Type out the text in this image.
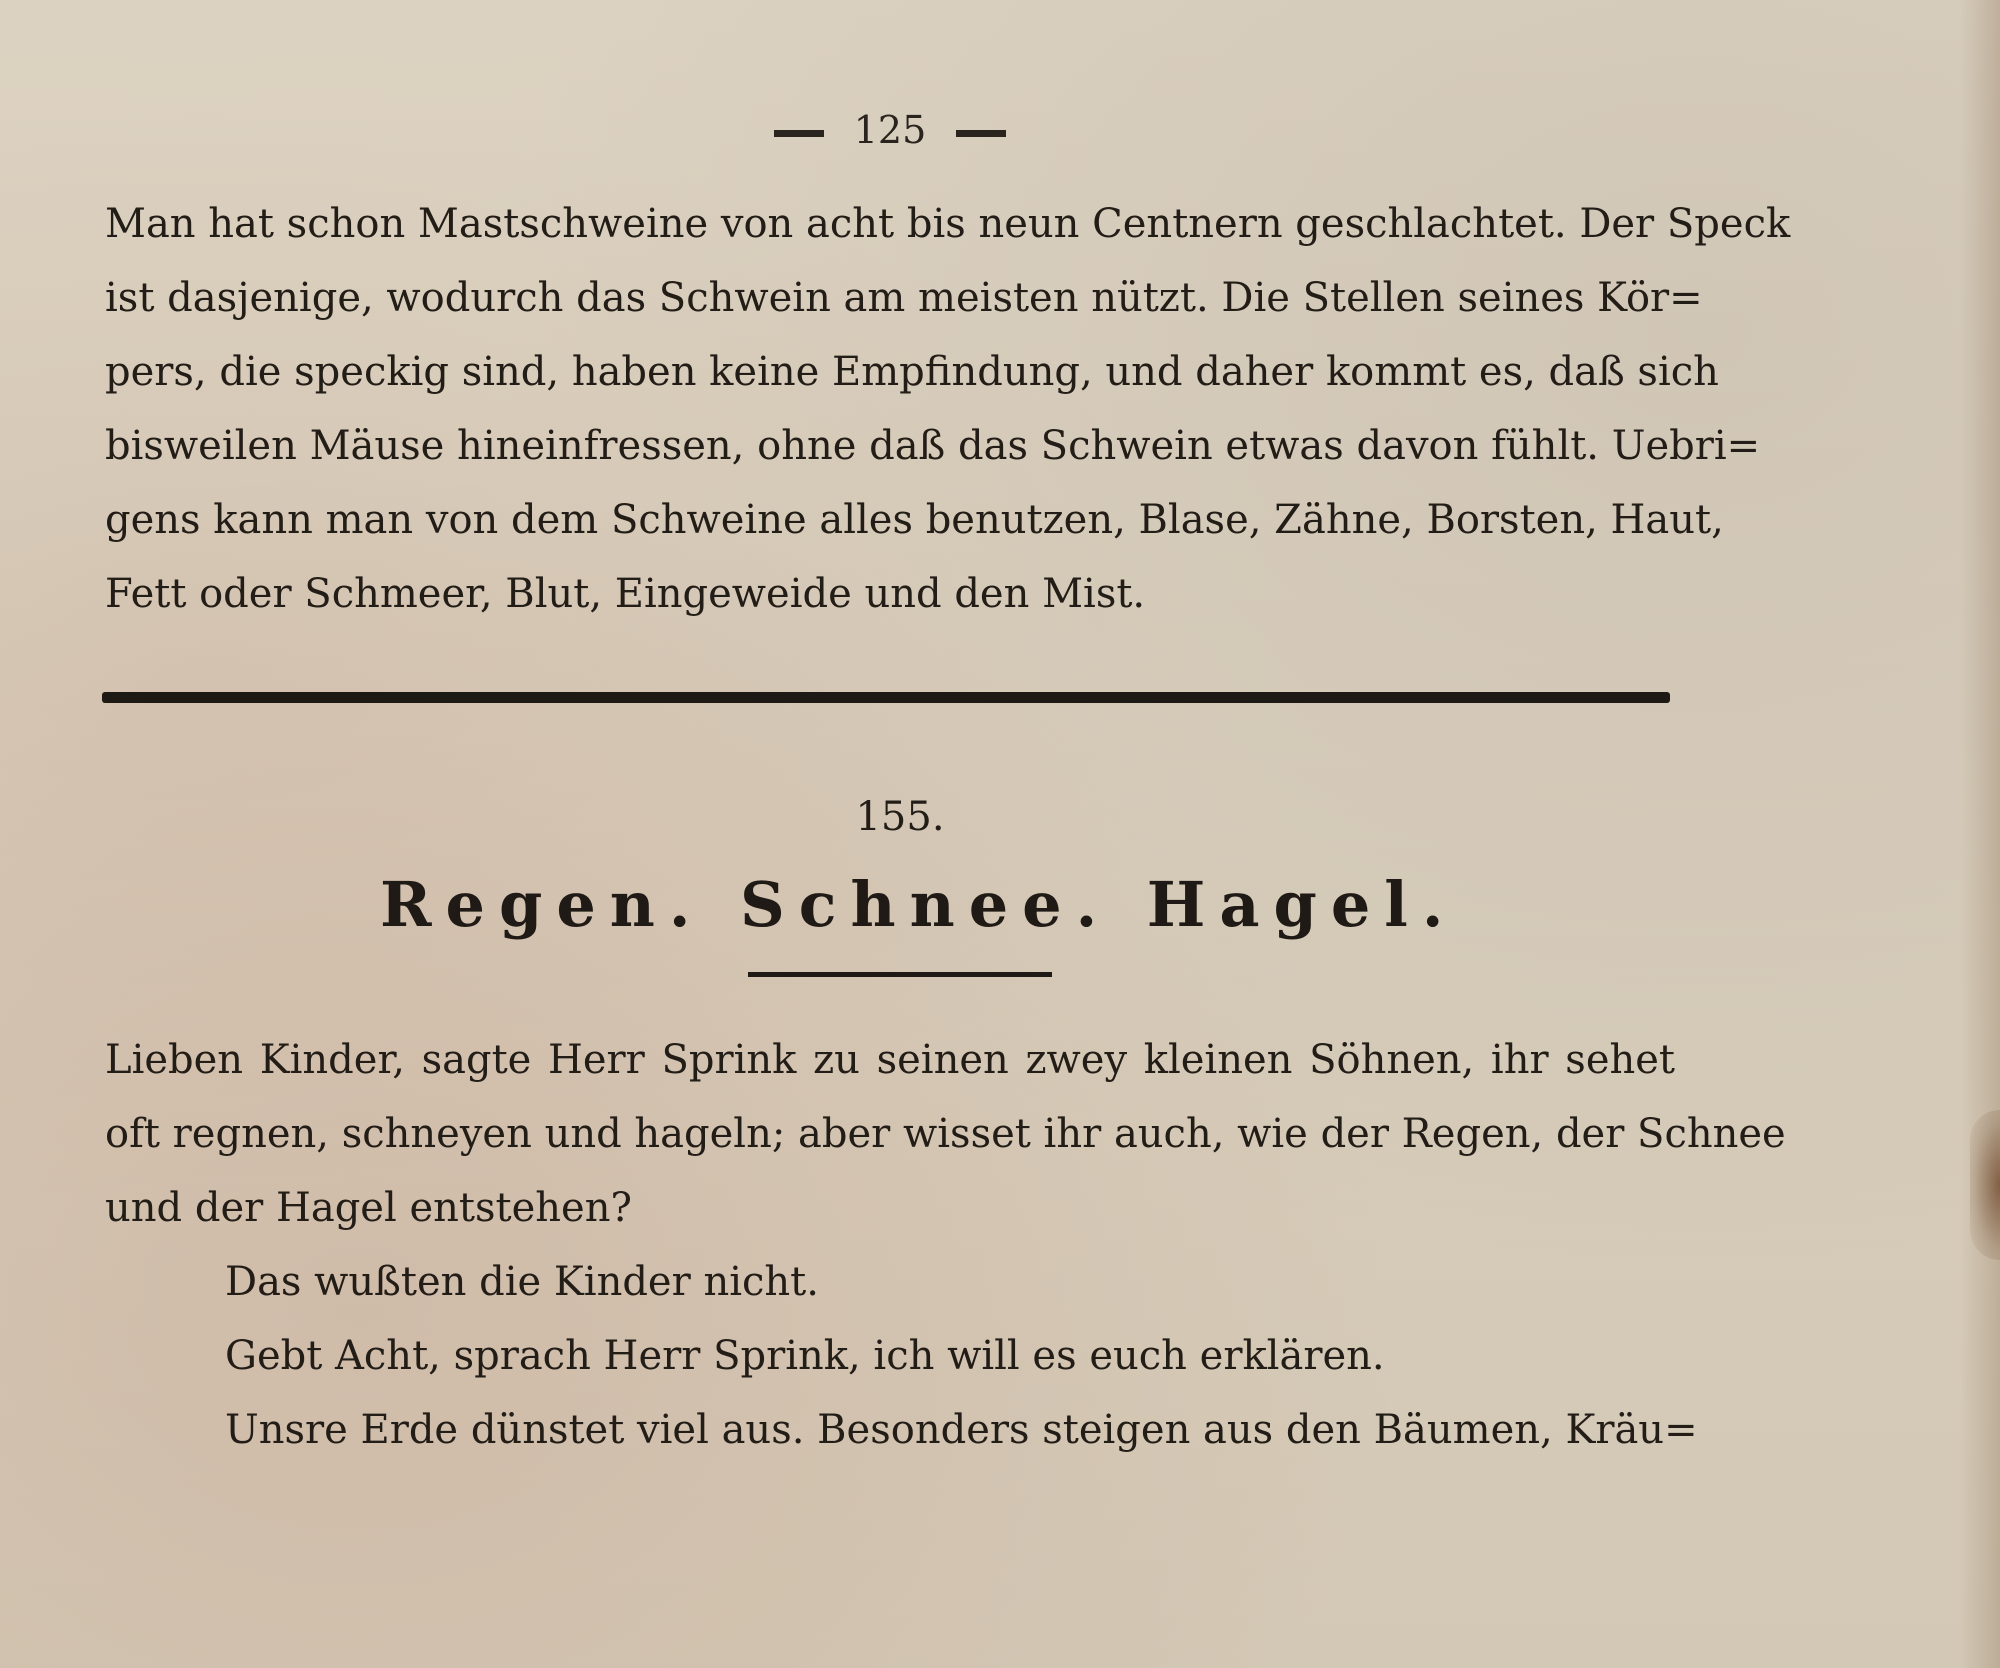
125
Man hat schon Mastschweine von acht bis neun Centnern geschlachtet. Der Speck
ist dasjenige, wodurch das Schwein am meisten nützt. Die Stellen seines Kör=
pers, die speckig sind, haben keine Empfindung, und daher kommt es, daß sich
bisweilen Mäuse hineinfressen, ohne daß das Schwein etwas davon fühlt. Uebri=
gens kann man von dem Schweine alles benutzen, Blase, Zähne, Borsten, Haut,
Fett oder Schmeer, Blut, Eingeweide und den Mist.
155.
Regen. Schnee. Hagel.
Lieben Kinder, sagte Herr Sprink zu seinen zwey kleinen Söhnen, ihr sehet
oft regnen, schneyen und hageln; aber wisset ihr auch, wie der Regen, der Schnee
und der Hagel entstehen?
Das wußten die Kinder nicht.
Gebt Acht, sprach Herr Sprink, ich will es euch erklären.
Unsre Erde dünstet viel aus. Besonders steigen aus den Bäumen, Kräu=
